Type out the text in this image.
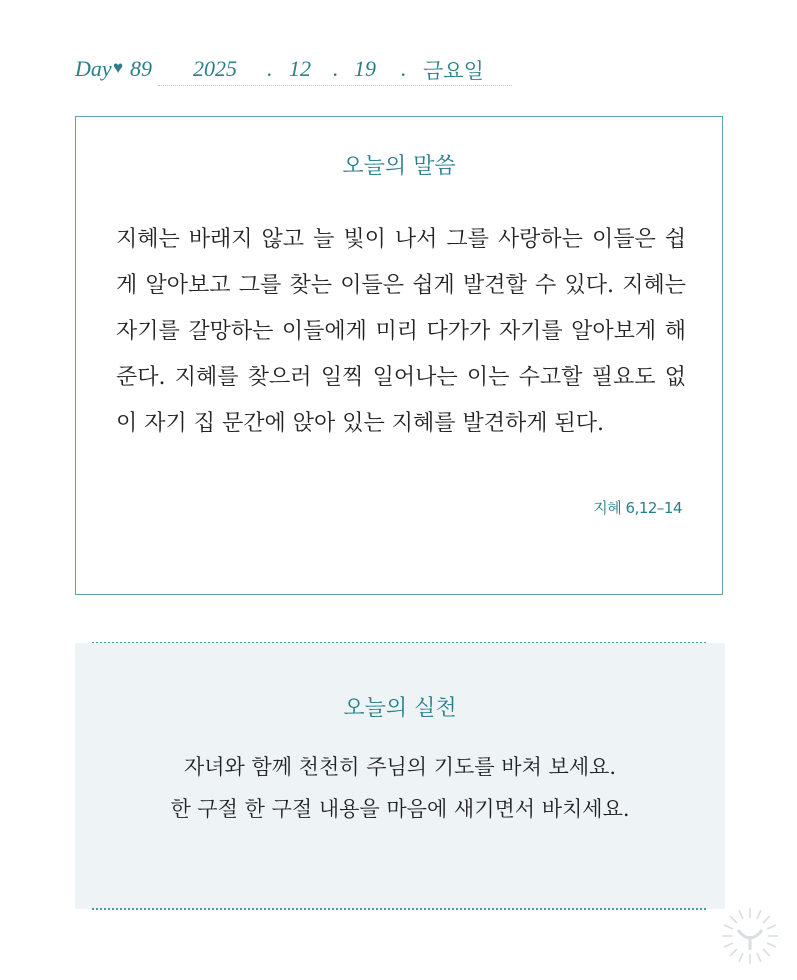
Day ♥ 89 2025 . 12 . 19 . 금요일
오늘의 말씀
지혜는 바래지 않고 늘 빛이 나서 그를 사랑하는 이들은 쉽게 알아보고 그를 찾는 이들은 쉽게 발견할 수 있다. 지혜는 자기를 갈망하는 이들에게 미리 다가가 자기를 알아보게 해 준다. 지혜를 찾으러 일찍 일어나는 이는 수고할 필요도 없이 자기 집 문간에 앉아 있는 지혜를 발견하게 된다.
지혜 6,12–14
오늘의 실천
자녀와 함께 천천히 주님의 기도를 바쳐 보세요.
한 구절 한 구절 내용을 마음에 새기면서 바치세요.
